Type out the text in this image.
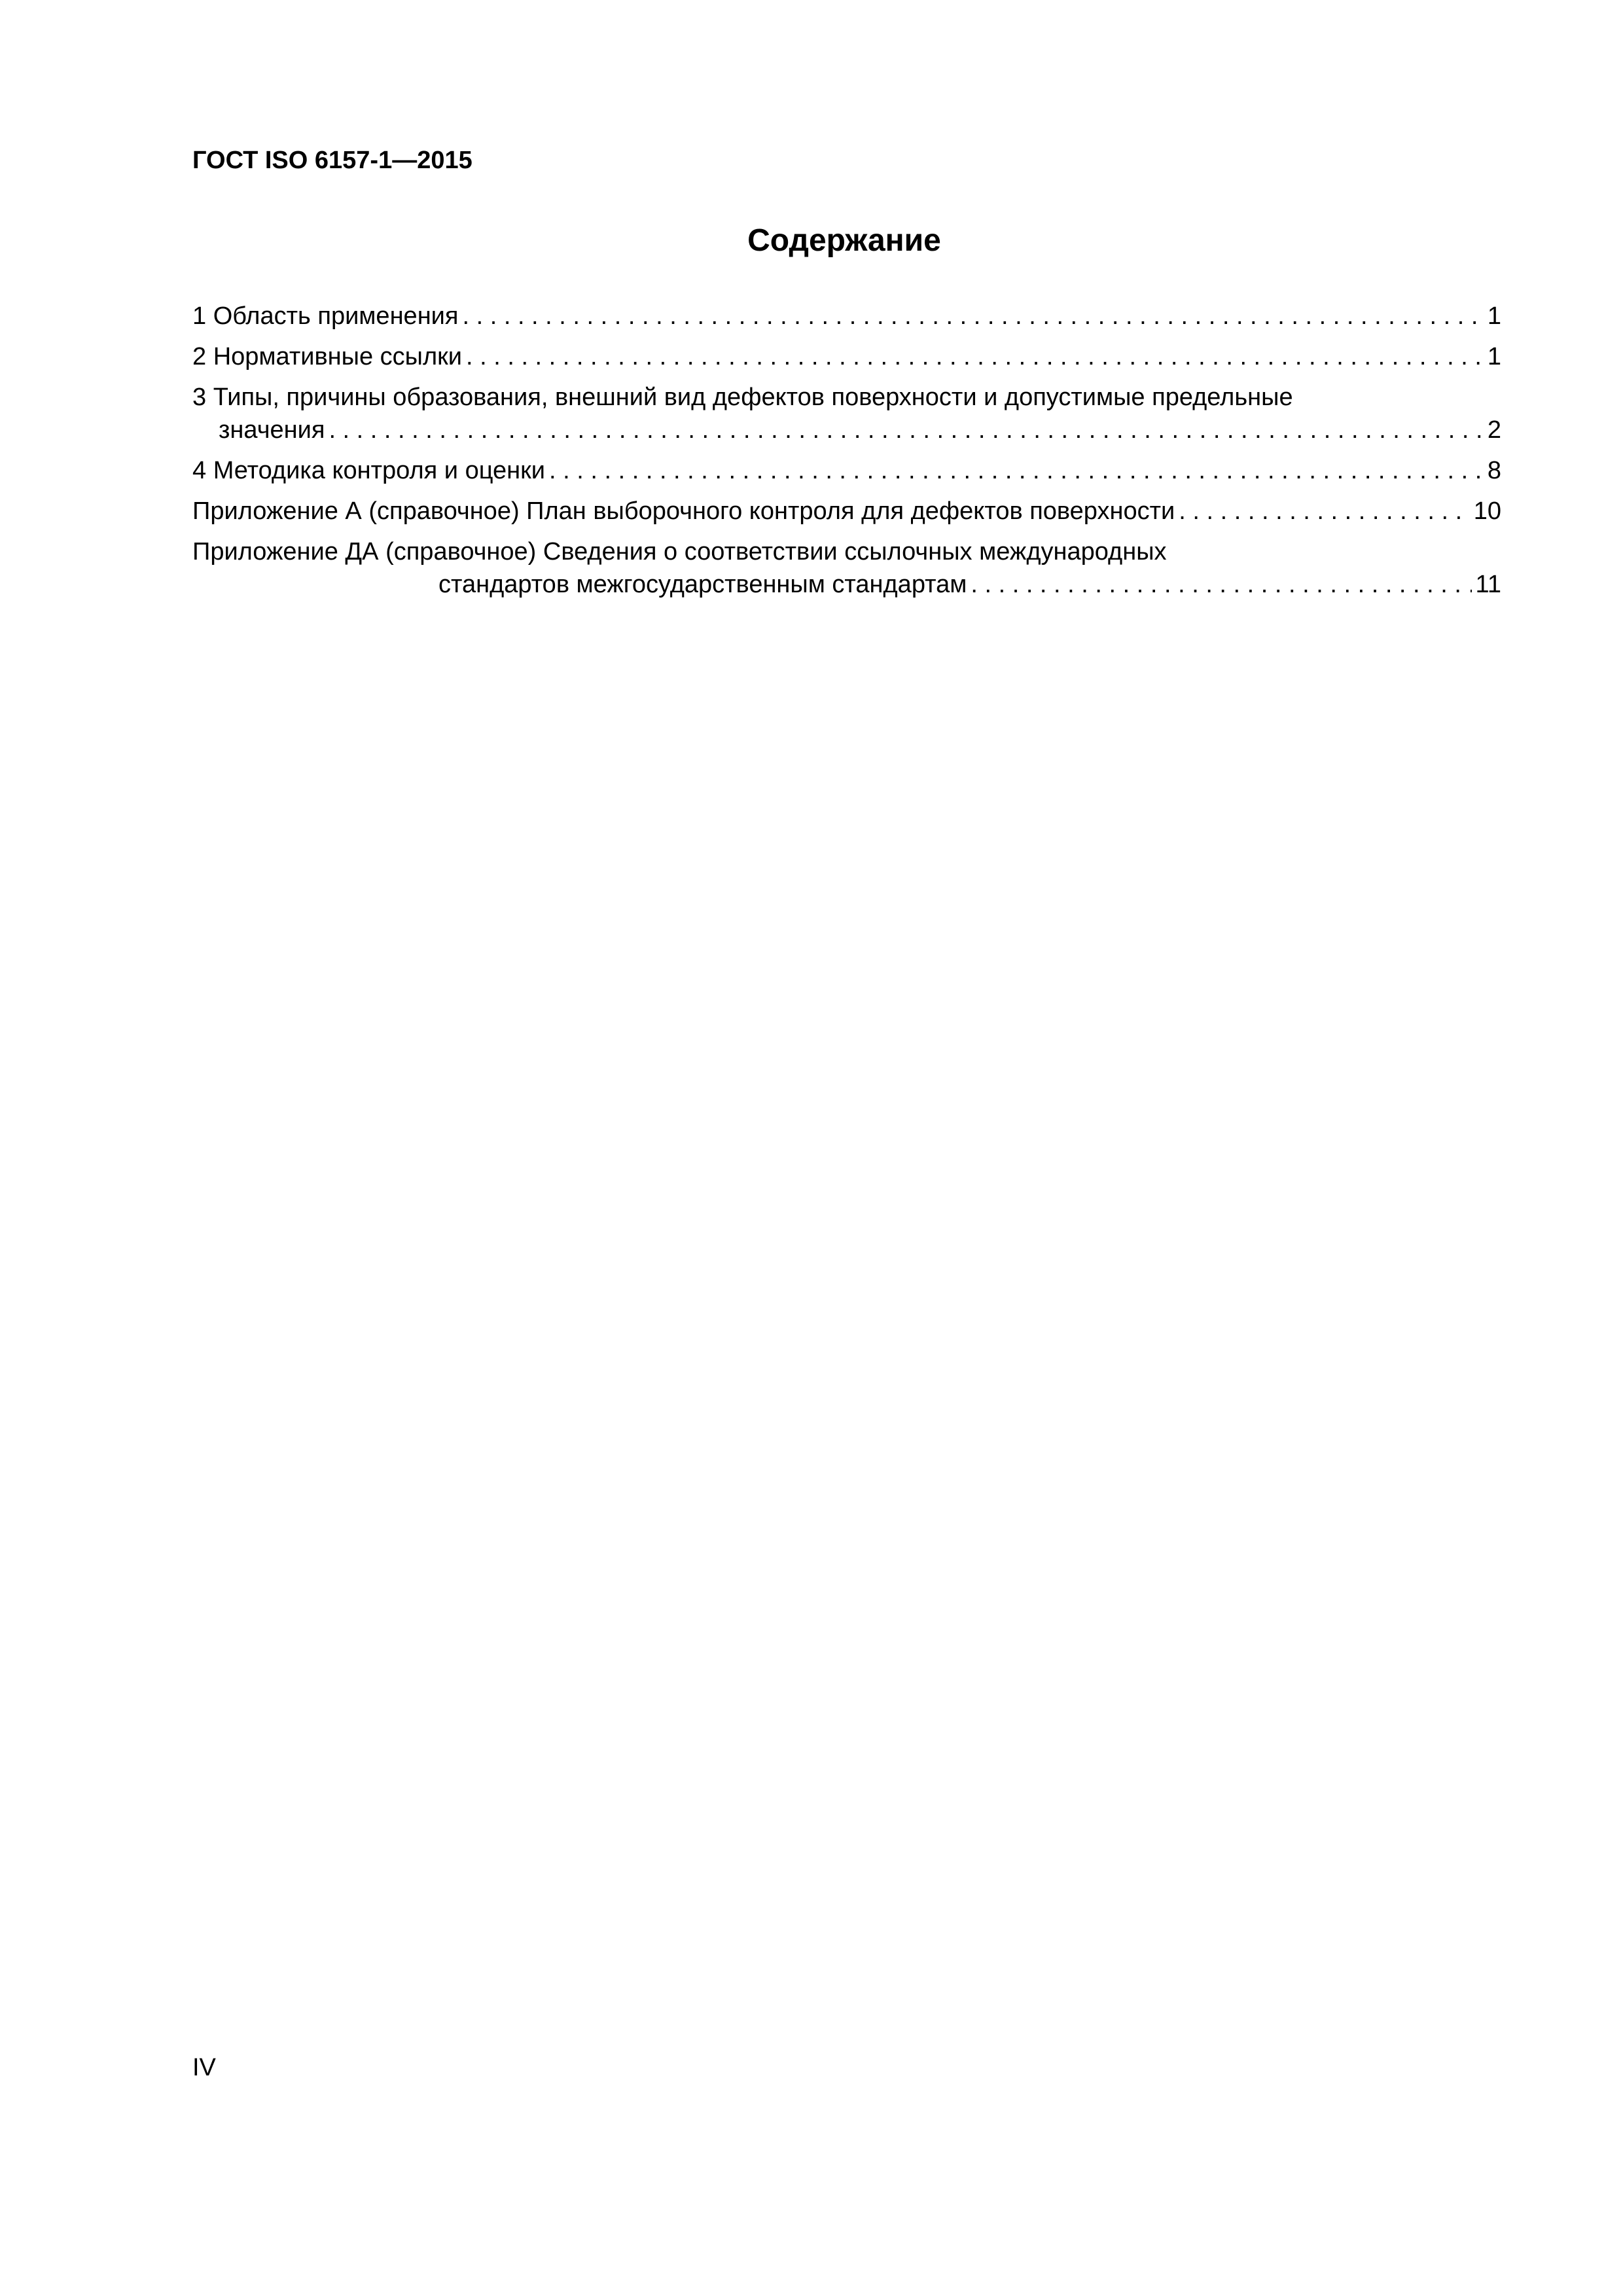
ГОСТ ISO 6157-1—2015
Содержание
1 Область применения . . .	1
2 Нормативные ссылки . . .	1
3 Типы, причины образования, внешний вид дефектов поверхности и допустимые предельные
значения . . .	2
4 Методика контроля и оценки . . .	8
Приложение А (справочное) План выборочного контроля для дефектов поверхности . . .	10
Приложение ДА (справочное) Сведения о соответствии ссылочных международных
стандартов межгосударственным стандартам . . .	11
IV
